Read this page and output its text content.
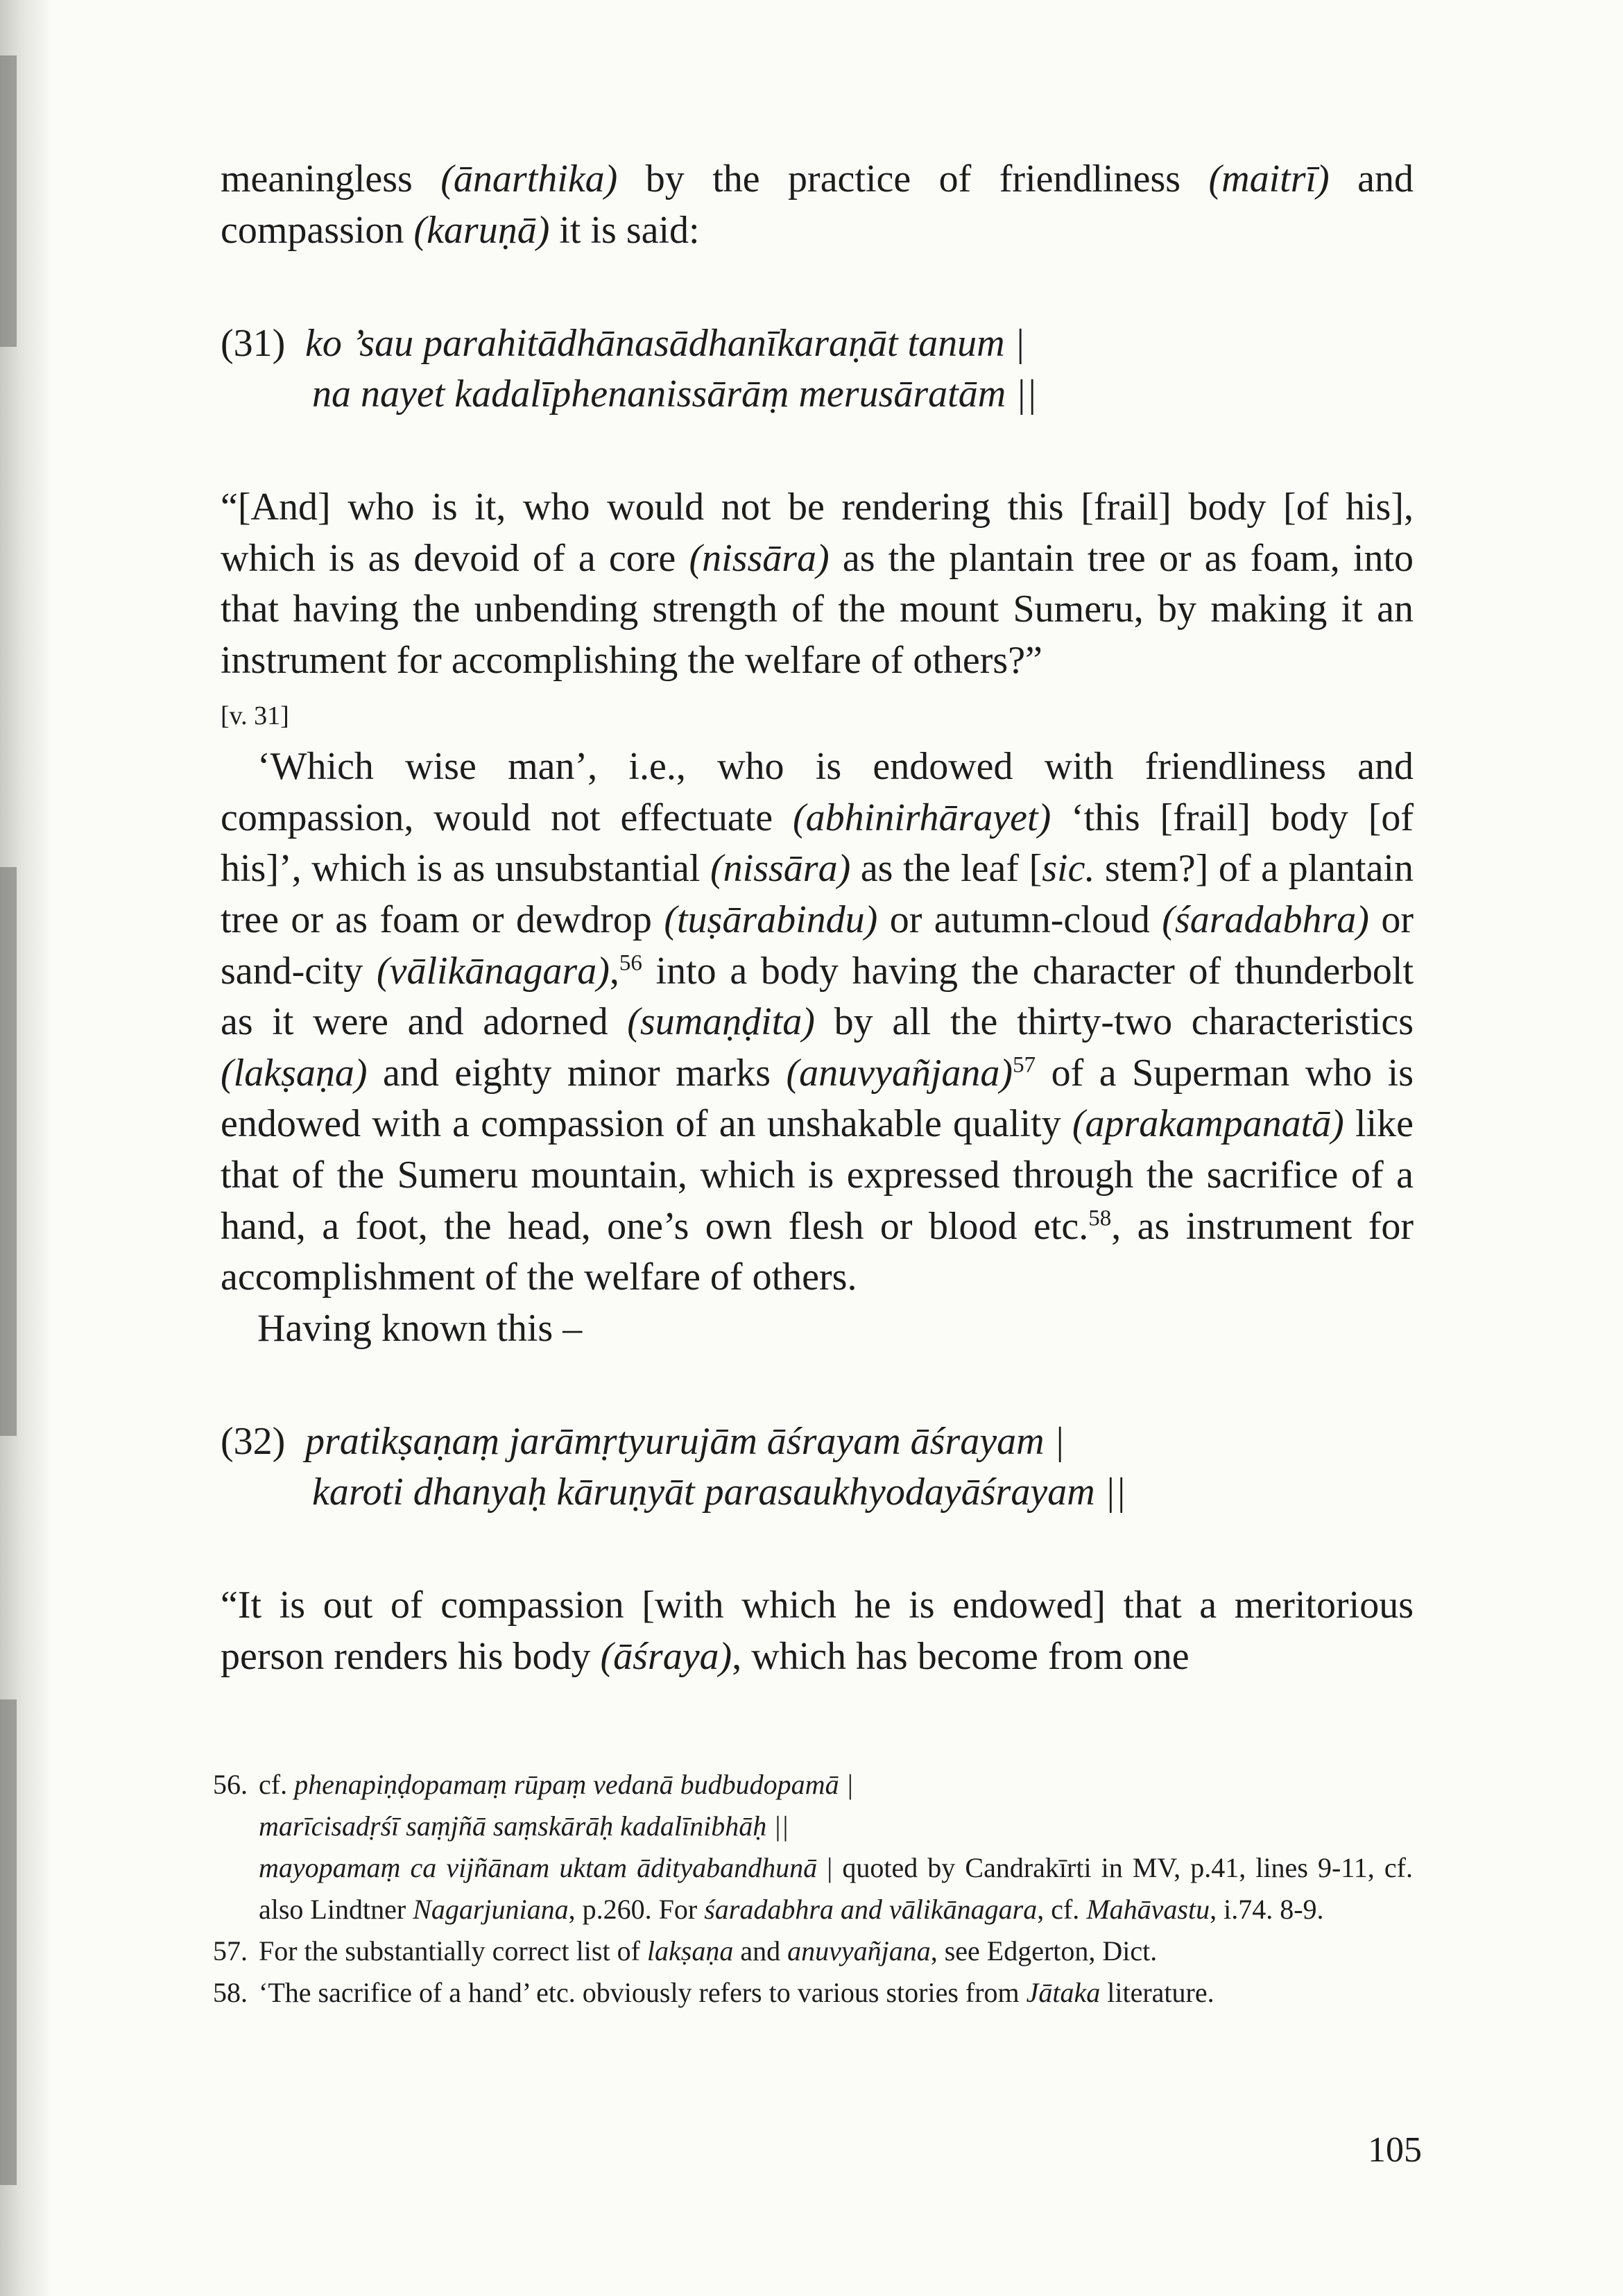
meaningless (ānarthika) by the practice of friendliness (maitrī) and compassion (karuṇā) it is said:

(31) ko ’sau parahitādhānasādhanīkaraṇāt tanum |
na nayet kadalīphenanissārāṃ merusāratām ||

“[And] who is it, who would not be rendering this [frail] body [of his], which is as devoid of a core (nissāra) as the plantain tree or as foam, into that having the unbending strength of the mount Sumeru, by making it an instrument for accomplishing the welfare of others?”
[v. 31]

‘Which wise man’, i.e., who is endowed with friendliness and compassion, would not effectuate (abhinirhārayet) ‘this [frail] body [of his]’, which is as unsubstantial (nissāra) as the leaf [sic. stem?] of a plantain tree or as foam or dewdrop (tuṣārabindu) or autumn-cloud (śaradabhra) or sand-city (vālikānagara),$^{56}$ into a body having the character of thunderbolt as it were and adorned (sumaṇḍita) by all the thirty-two characteristics (lakṣaṇa) and eighty minor marks (anuvyañjana)$^{57}$ of a Superman who is endowed with a compassion of an unshakable quality (aprakampanatā) like that of the Sumeru mountain, which is expressed through the sacrifice of a hand, a foot, the head, one’s own flesh or blood etc.$^{58}$, as instrument for accomplishment of the welfare of others.

Having known this –

(32) pratikṣaṇaṃ jarāmṛtyurujām āśrayam āśrayam |
karoti dhanyaḥ kāruṇyāt parasaukhyodayāśrayam ||

“It is out of compassion [with which he is endowed] that a meritorious person renders his body (āśraya), which has become from one

56. cf. phenapiṇḍopamaṃ rūpaṃ vedanā budbudopamā |
marīcisadṛśī saṃjñā saṃskārāḥ kadalīnibhāḥ ||
mayopamaṃ ca vijñānam uktam ādityabandhunā | quoted by Candrakīrti in MV, p.41, lines 9-11, cf. also Lindtner Nagarjuniana, p.260. For śaradabhra and vālikānagara, cf. Mahāvastu, i.74. 8-9.
57. For the substantially correct list of lakṣaṇa and anuvyañjana, see Edgerton, Dict.
58. ‘The sacrifice of a hand’ etc. obviously refers to various stories from Jātaka literature.
105
